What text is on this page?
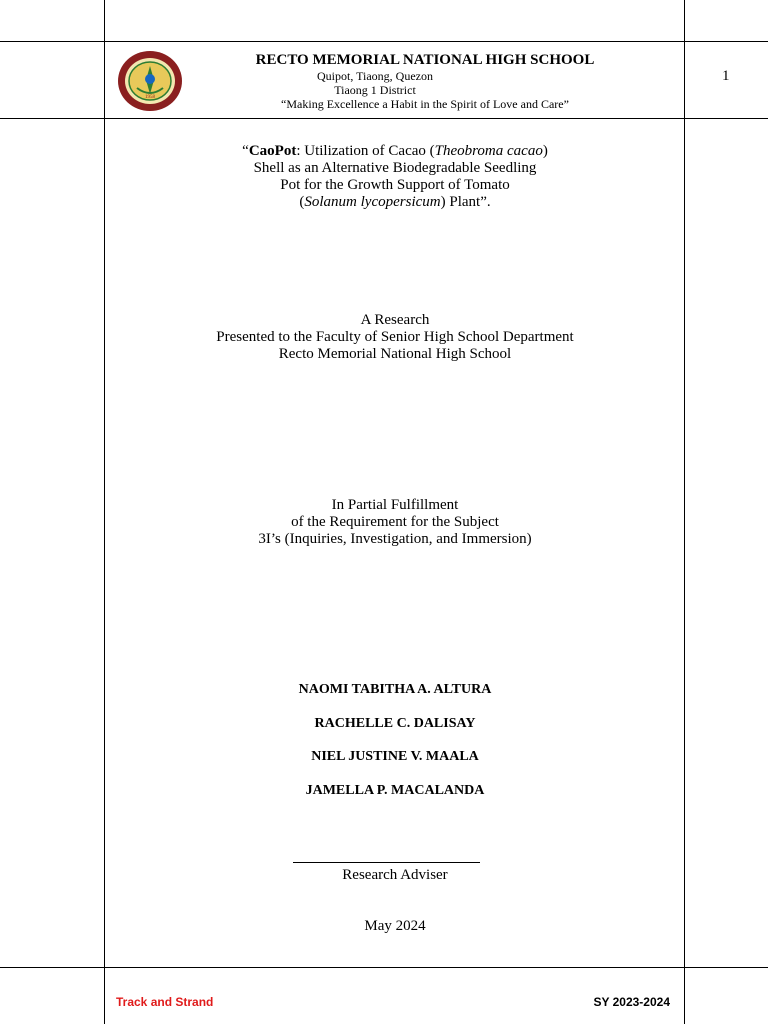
1958
RECTO MEMORIAL NATIONAL HIGH SCHOOL
Quipot, Tiaong, Quezon
Tiaong 1 District
“Making Excellence a Habit in the Spirit of Love and Care”
1
“CaoPot: Utilization of Cacao (Theobroma cacao)
Shell as an Alternative Biodegradable Seedling
Pot for the Growth Support of Tomato
(Solanum lycopersicum) Plant”.
A Research
Presented to the Faculty of Senior High School Department
Recto Memorial National High School
In Partial Fulfillment
of the Requirement for the Subject
3I’s (Inquiries, Investigation, and Immersion)
NAOMI TABITHA A. ALTURA
RACHELLE C. DALISAY
NIEL JUSTINE V. MAALA
JAMELLA P. MACALANDA
Research Adviser
May 2024
Track and Strand	SY 2023-2024
